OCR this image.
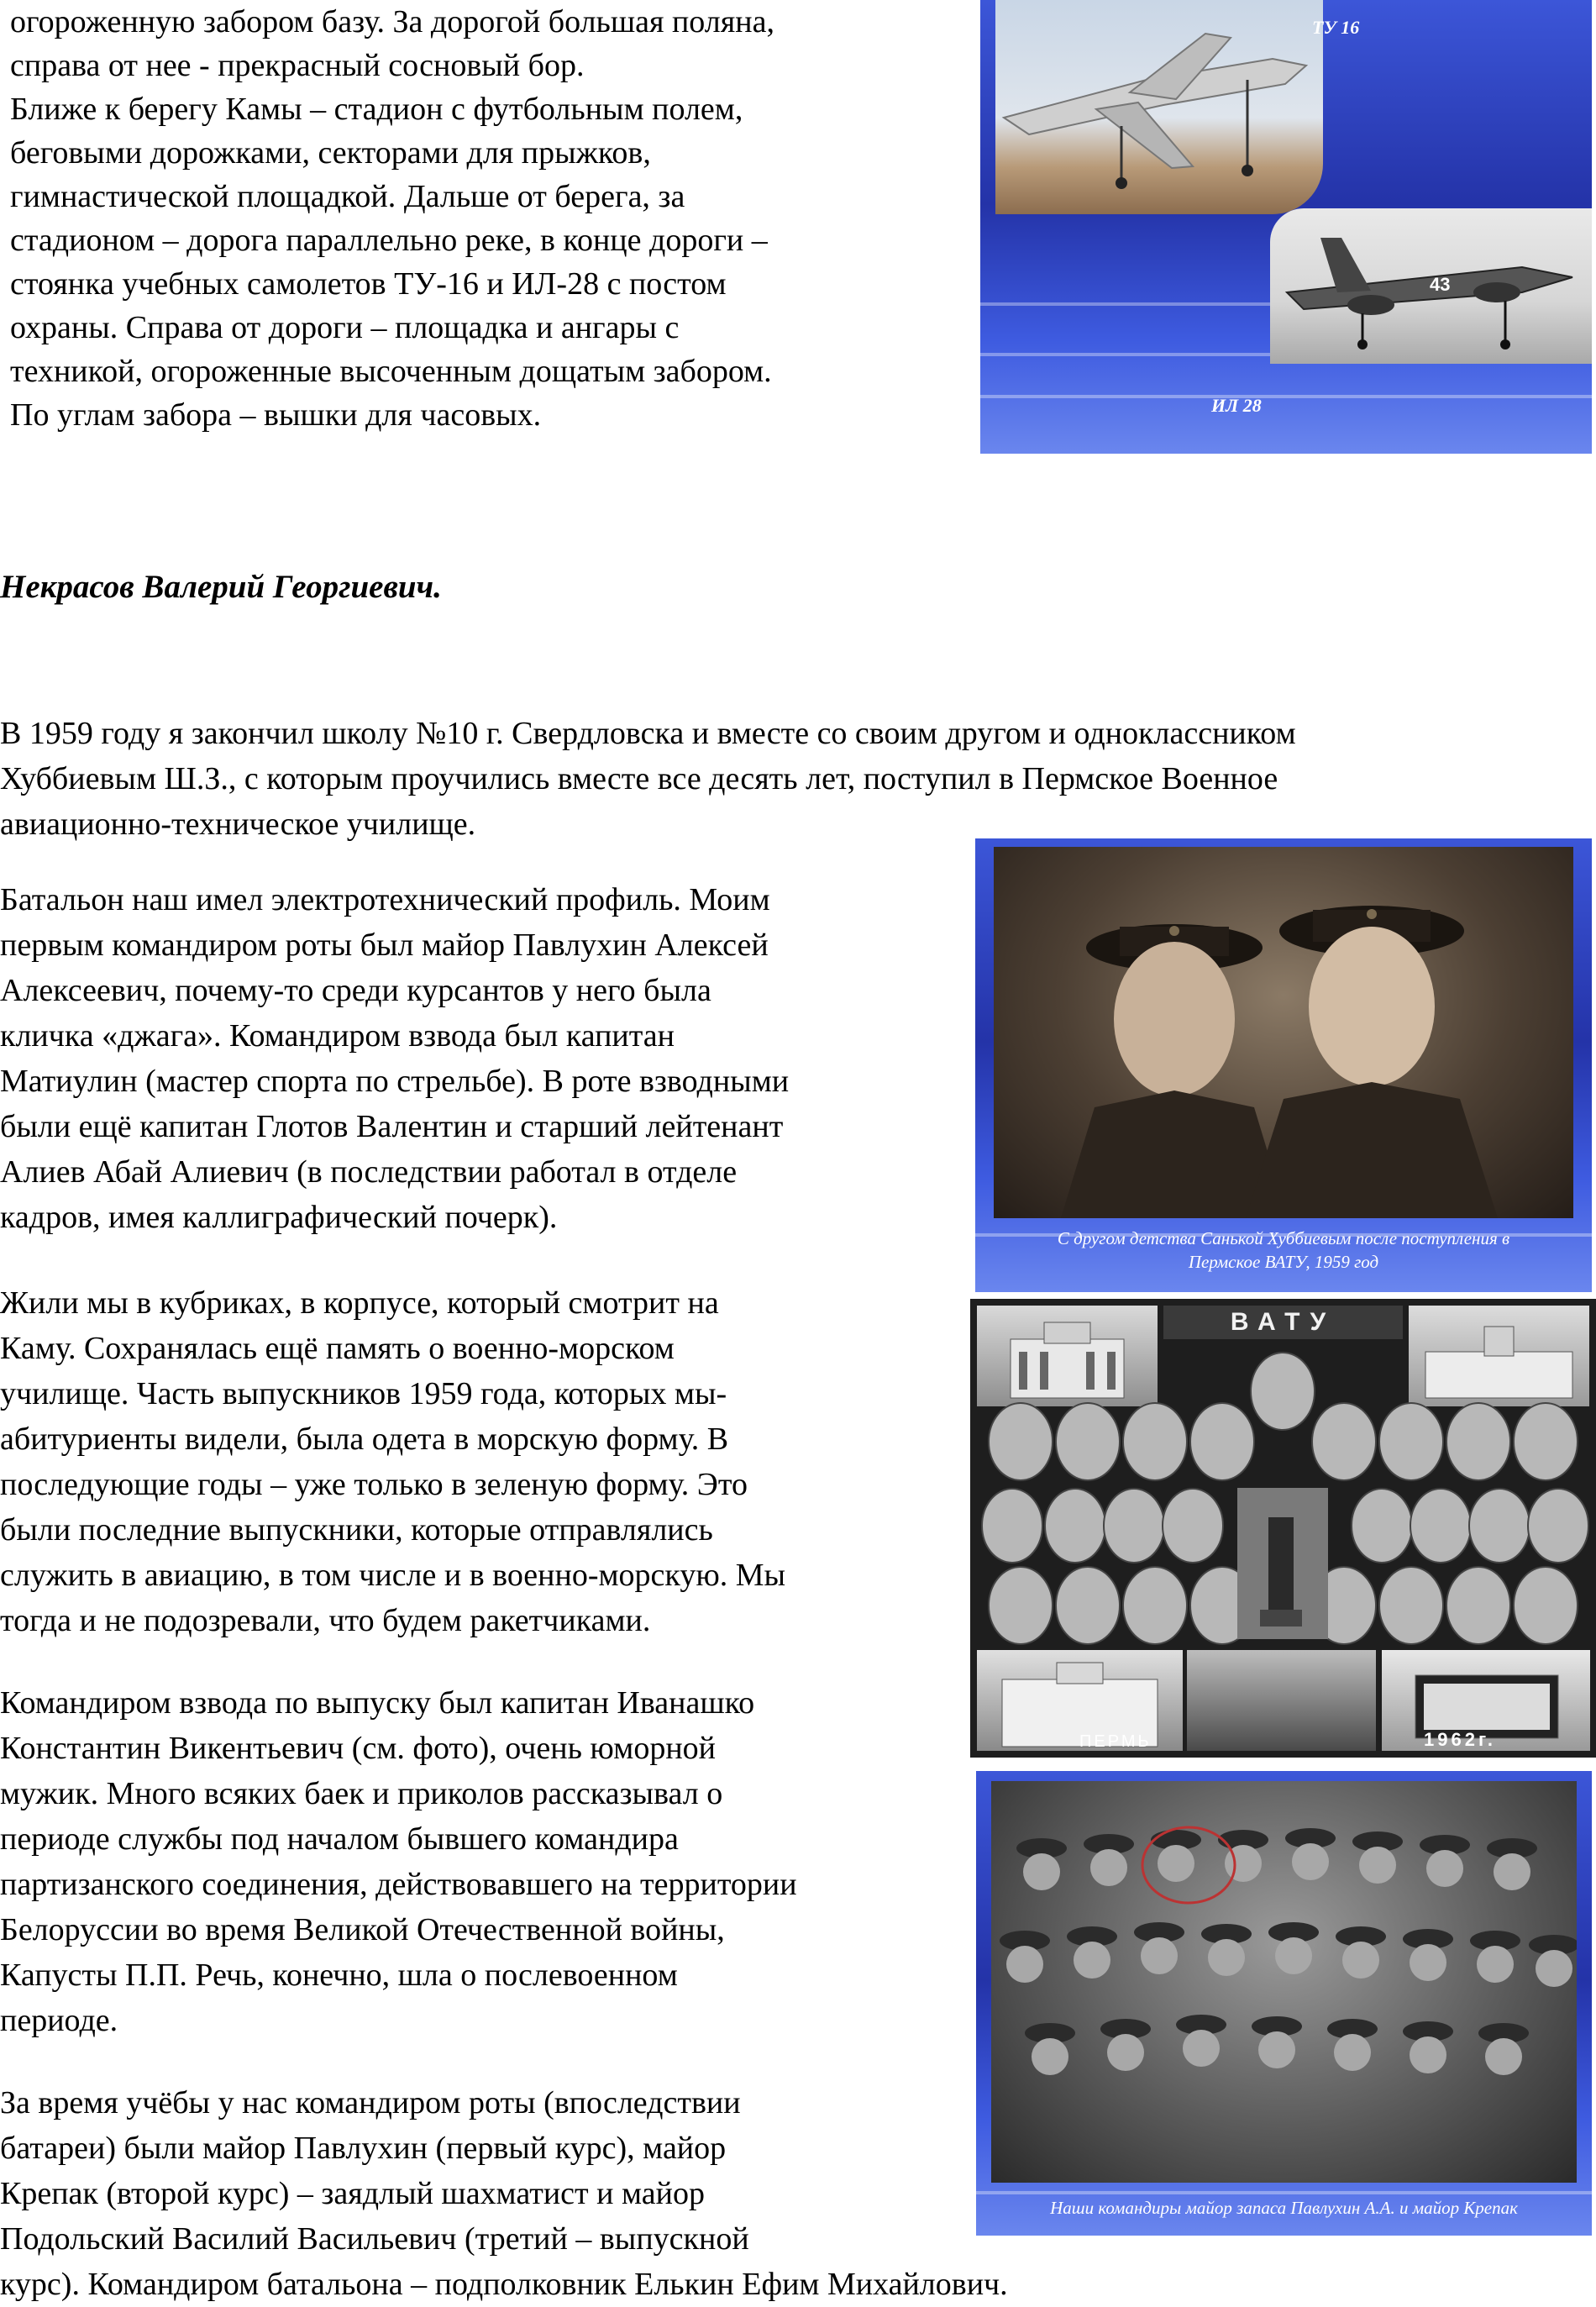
огороженную забором базу. За дорогой большая поляна,

справа от нее - прекрасный сосновый бор.

Ближе к берегу Камы – стадион с футбольным полем,

беговыми дорожками, секторами для прыжков,

гимнастической площадкой. Дальше от берега, за

стадионом – дорога параллельно реке, в конце дороги –

стоянка учебных самолетов ТУ-16 и ИЛ-28 с постом

охраны. Справа от дороги – площадка и ангары с

техникой, огороженные высоченным дощатым забором.

По углам забора – вышки для часовых.

ТУ 16
43
ИЛ 28
Некрасов Валерий Георгиевич.

В 1959 году я закончил школу №10 г. Свердловска и вместе со своим другом и одноклассником

Хуббиевым Ш.З., с которым проучились вместе все десять лет, поступил в Пермское Военное

авиационно-техническое училище.

Батальон наш имел электротехнический профиль. Моим

первым командиром роты был майор Павлухин Алексей

Алексеевич, почему-то среди курсантов у него была

кличка «джага». Командиром взвода был капитан

Матиулин (мастер спорта по стрельбе). В роте взводными

были ещё капитан Глотов Валентин и старший лейтенант

Алиев Абай Алиевич (в последствии работал в отделе

кадров, имея каллиграфический почерк).

С другом детства Санькой Хуббиевым после поступления в
Пермское ВАТУ, 1959 год

Жили мы в кубриках, в корпусе, который смотрит на

Каму. Сохранялась ещё память о военно-морском

училище. Часть выпускников 1959 года, которых мы-

абитуриенты видели, была одета в морскую форму. В

последующие годы – уже только в зеленую форму. Это

были последние выпускники, которые отправлялись

служить в авиацию, в том числе и в военно-морскую. Мы

тогда и не подозревали, что будем ракетчиками.

ВАТУ
ПЕРМЬ	1962г.

Командиром взвода по выпуску был капитан Иванашко

Константин Викентьевич (см. фото), очень юморной

мужик. Много всяких баек и приколов рассказывал о

периоде службы под началом бывшего командира

партизанского соединения, действовавшего на территории

Белоруссии во время Великой Отечественной войны,

Капусты П.П. Речь, конечно, шла о послевоенном

периоде.

Наши командиры майор запаса Павлухин А.А. и майор Крепак

За время учёбы у нас командиром роты (впоследствии

батареи) были майор Павлухин (первый курс), майор

Крепак (второй курс) – заядлый шахматист и майор

Подольский Василий Васильевич (третий – выпускной

курс). Командиром батальона – подполковник Елькин Ефим Михайлович.
